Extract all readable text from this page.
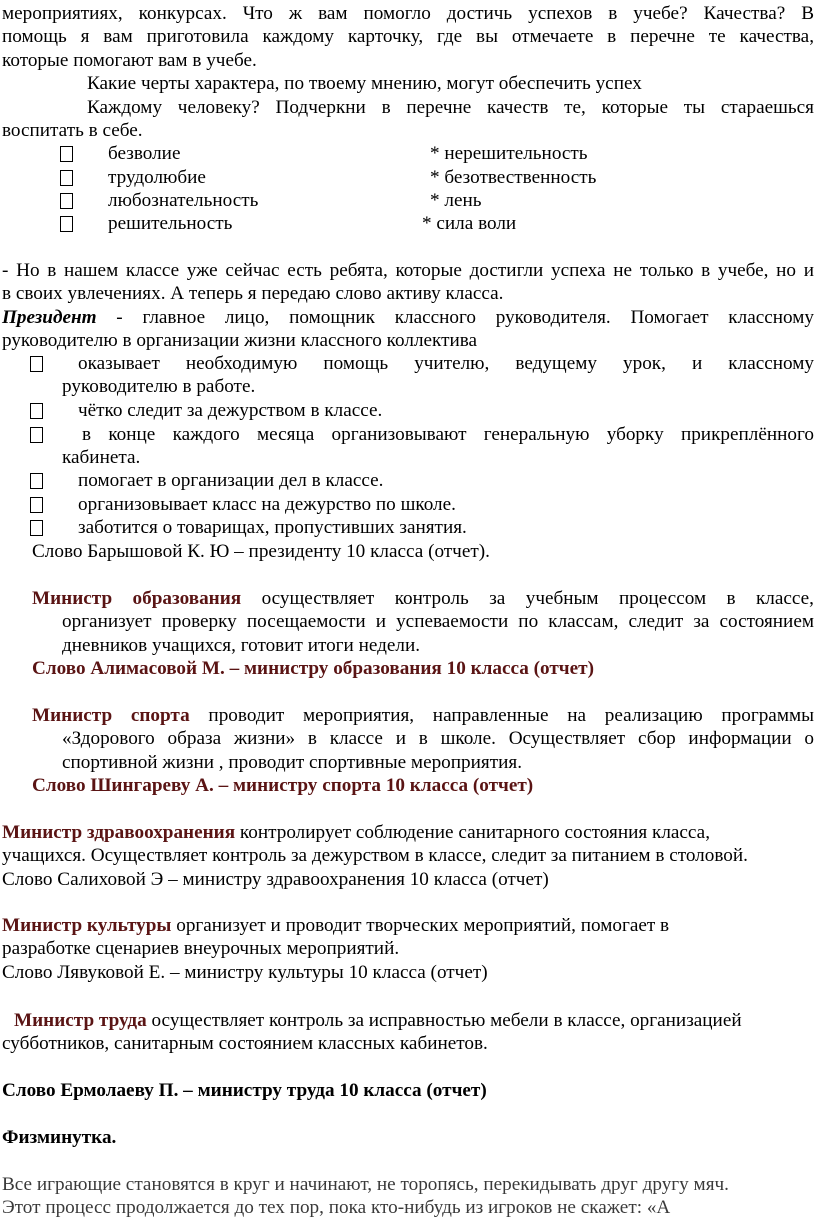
мероприятиях, конкурсах. Что ж вам помогло достичь успехов в учебе? Качества? В
помощь я вам приготовила каждому карточку, где вы отмечаете в перечне те качества,
которые помогают вам в учебе.
Какие черты характера, по твоему мнению, могут обеспечить успех
Каждому человеку? Подчеркни в перечне качеств те, которые ты стараешься
воспитать в себе.
безволие	* нерешительность
трудолюбие	* безотвественность
любознательность	* лень
решительность	* сила воли
- Но в нашем классе уже сейчас есть ребята, которые достигли успеха не только в учебе, но и
в своих увлечениях. А теперь я передаю слово активу класса.
Президент - главное лицо, помощник классного руководителя. Помогает классному
руководителю в организации жизни классного коллектива
оказывает необходимую помощь учителю, ведущему урок, и классному
руководителю в работе.
чётко следит за дежурством в классе.
в конце каждого месяца организовывают генеральную уборку прикреплённого
кабинета.
помогает в организации дел в классе.
организовывает класс на дежурство по школе.
заботится о товарищах, пропустивших занятия.
Слово Барышовой К. Ю – президенту 10 класса (отчет).
Министр образования осуществляет контроль за учебным процессом в классе,
организует проверку посещаемости и успеваемости по классам, следит за состоянием
дневников учащихся, готовит итоги недели.
Слово Алимасовой М. – министру образования 10 класса (отчет)
Министр спорта проводит мероприятия, направленные на реализацию программы
«Здорового образа жизни» в классе и в школе. Осуществляет сбор информации о
спортивной жизни , проводит спортивные мероприятия.
Слово Шингареву А. – министру спорта 10 класса (отчет)
Министр здравоохранения контролирует соблюдение санитарного состояния класса,
учащихся. Осуществляет контроль за дежурством в классе, следит за питанием в столовой.
Слово Салиховой Э – министру здравоохранения 10 класса (отчет)
Министр культуры организует и проводит творческих мероприятий, помогает в
разработке сценариев внеурочных мероприятий.
Слово Лявуковой Е. – министру культуры 10 класса (отчет)
Министр труда осуществляет контроль за исправностью мебели в классе, организацией
субботников, санитарным состоянием классных кабинетов.
Слово Ермолаеву П. – министру труда 10 класса (отчет)
Физминутка.
Все играющие становятся в круг и начинают, не торопясь, перекидывать друг другу мяч.
Этот процесс продолжается до тех пор, пока кто-нибудь из игроков не скажет: «А
